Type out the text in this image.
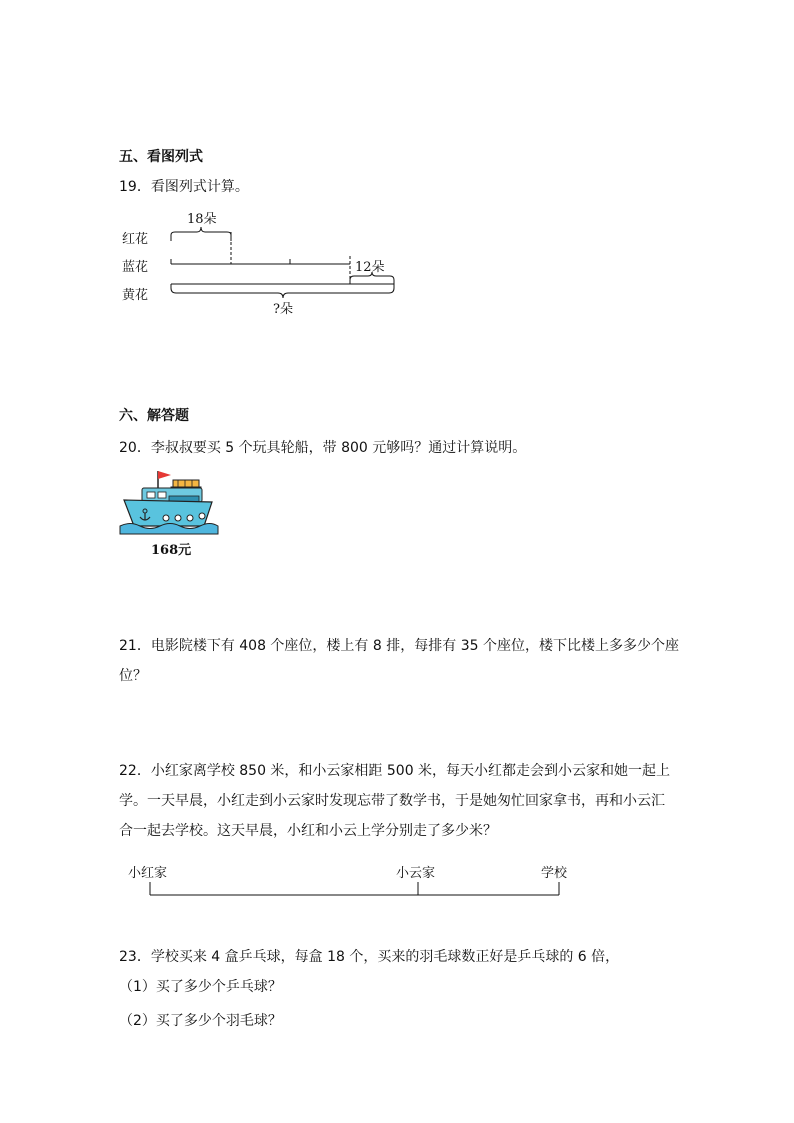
五、看图列式
19．看图列式计算。
18朵
红花
蓝花
黄花
12朵
?朵
六、解答题
20．李叔叔要买 5 个玩具轮船，带 800 元够吗？通过计算说明。
168元
21．电影院楼下有 408 个座位，楼上有 8 排，每排有 35 个座位，楼下比楼上多多少个座
位？
22．小红家离学校 850 米，和小云家相距 500 米，每天小红都走会到小云家和她一起上
学。一天早晨，小红走到小云家时发现忘带了数学书，于是她匆忙回家拿书，再和小云汇
合一起去学校。这天早晨，小红和小云上学分别走了多少米？
小红家	小云家	学校
23．学校买来 4 盒乒乓球，每盒 18 个，买来的羽毛球数正好是乒乓球的 6 倍，
（1）买了多少个乒乓球？
（2）买了多少个羽毛球？
